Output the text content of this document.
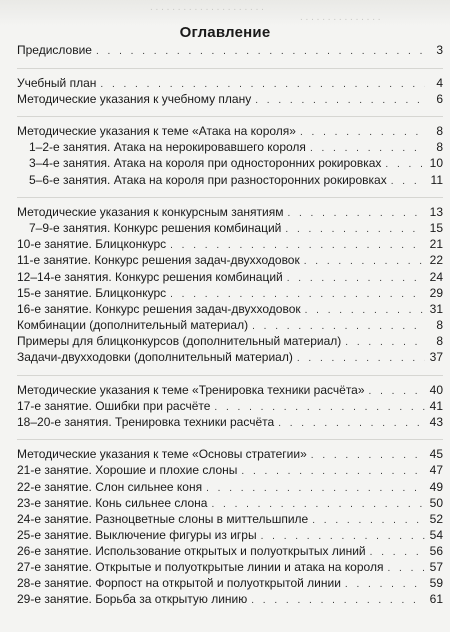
. . . . . . . . . . . . . . . . . . . . .
. . . . . . . . . . . . . . .
Оглавление
Предисловие . . .	3
Учебный план . . .	4
Методические указания к учебному плану . . .	6
Методические указания к теме «Атака на короля» . . .	8
1–2-е занятия. Атака на нерокировавшего короля . . .	8
3–4-е занятия. Атака на короля при односторонних рокировках . . .	10
5–6-е занятия. Атака на короля при разносторонних рокировках . . .	11
Методические указания к конкурсным занятиям . . .	13
7–9-е занятия. Конкурс решения комбинаций . . .	15
10-е занятие. Блицконкурс . . .	21
11-е занятие. Конкурс решения задач-двухходовок . . .	22
12–14-е занятия. Конкурс решения комбинаций . . .	24
15-е занятие. Блицконкурс . . .	29
16-е занятие. Конкурс решения задач-двухходовок . . .	31
Комбинации (дополнительный материал) . . .	8
Примеры для блицконкурсов (дополнительный материал) . . .	8
Задачи-двухходовки (дополнительный материал) . . .	37
Методические указания к теме «Тренировка техники расчёта» . . .	40
17-е занятие. Ошибки при расчёте . . .	41
18–20-е занятия. Тренировка техники расчёта . . .	43
Методические указания к теме «Основы стратегии» . . .	45
21-е занятие. Хорошие и плохие слоны . . .	47
22-е занятие. Слон сильнее коня . . .	49
23-е занятие. Конь сильнее слона . . .	50
24-е занятие. Разноцветные слоны в миттельшпиле . . .	52
25-е занятие. Выключение фигуры из игры . . .	54
26-е занятие. Использование открытых и полуоткрытых линий . . .	56
27-е занятие. Открытые и полуоткрытые линии и атака на короля . . .	57
28-е занятие. Форпост на открытой и полуоткрытой линии . . .	59
29-е занятие. Борьба за открытую линию . . .	61
